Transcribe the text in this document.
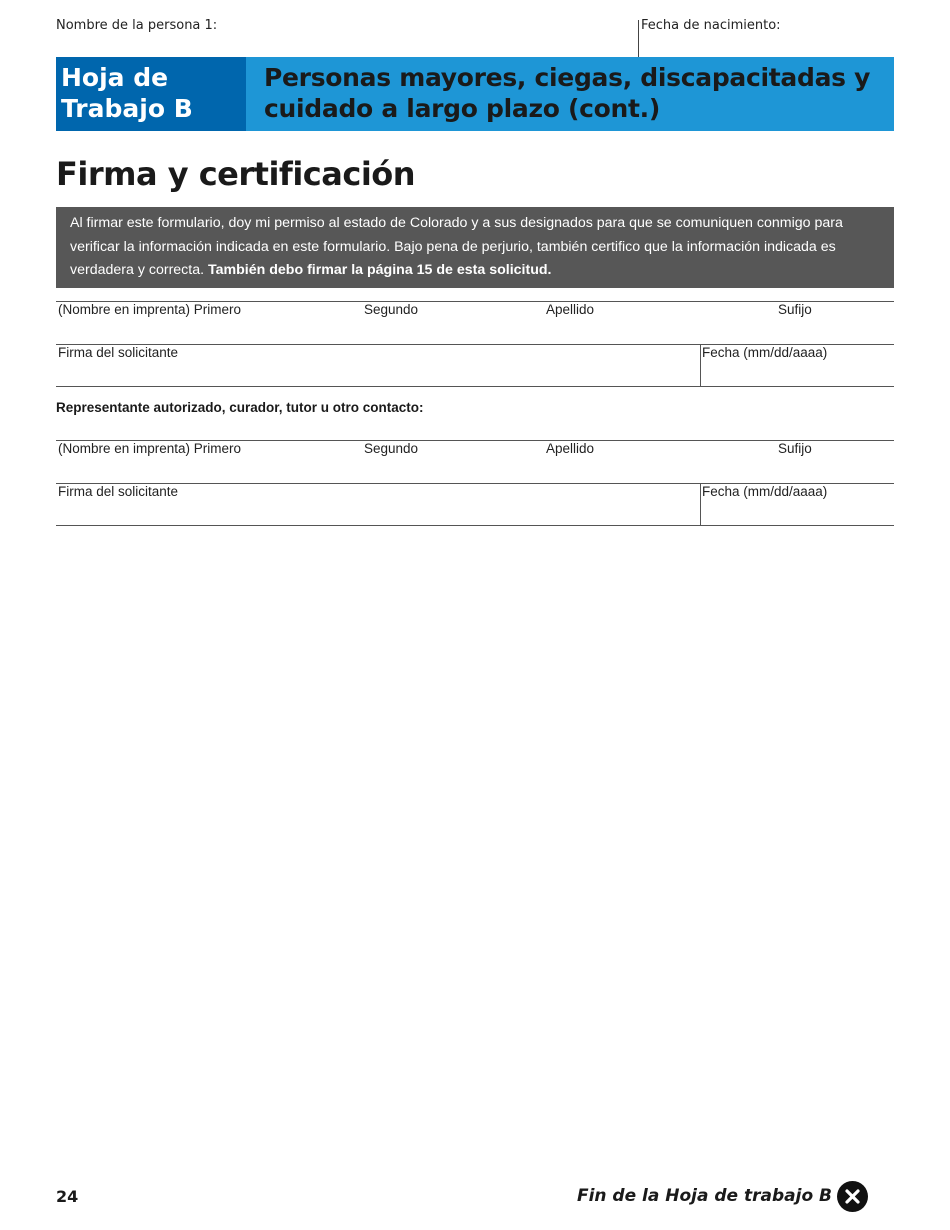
Nombre de la persona 1:	Fecha de nacimiento:
Hoja de
Trabajo B
Personas mayores, ciegas, discapacitadas y
cuidado a largo plazo (cont.)
Firma y certificación
Al firmar este formulario, doy mi permiso al estado de Colorado y a sus designados para que se comuniquen conmigo para verificar la información indicada en este formulario. Bajo pena de perjurio, también certifico que la información indicada es verdadera y correcta. También debo firmar la página 15 de esta solicitud.
(Nombre en imprenta) Primero	Segundo	Apellido	Sufijo
Firma del solicitante	Fecha (mm/dd/aaaa)
Representante autorizado, curador, tutor u otro contacto:
(Nombre en imprenta) Primero	Segundo	Apellido	Sufijo
Firma del solicitante	Fecha (mm/dd/aaaa)
24	Fin de la Hoja de trabajo B
